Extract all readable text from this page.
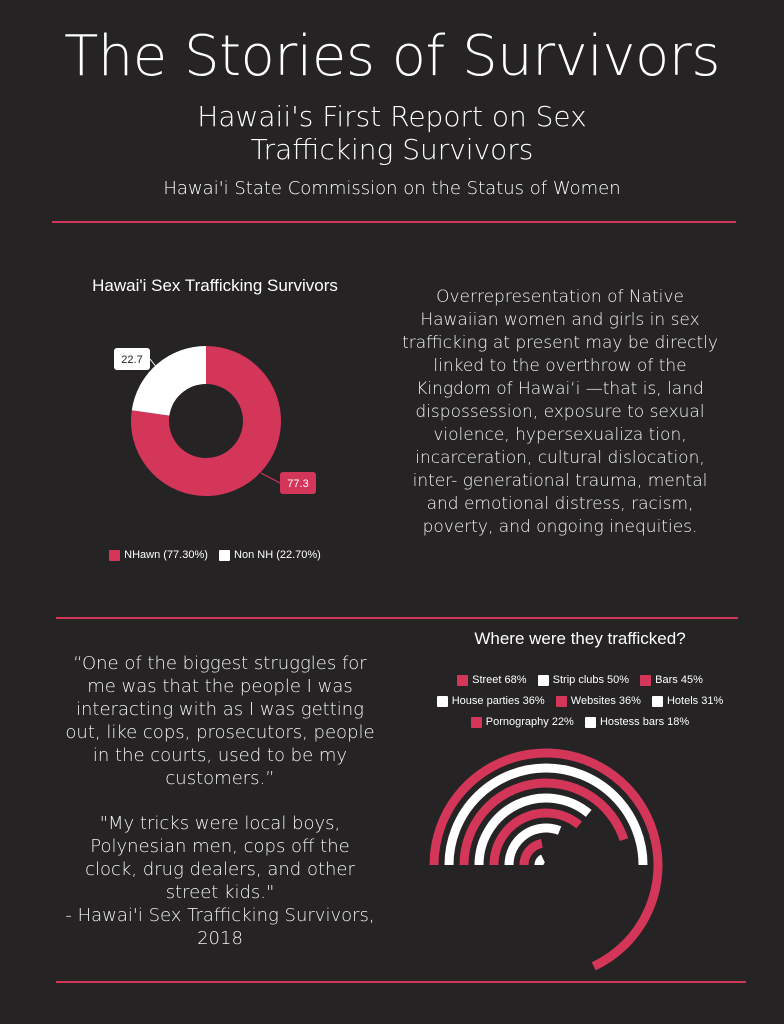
The Stories of Survivors
Hawaii's First Report on Sex Trafficking Survivors
Hawai'i State Commission on the Status of Women
Hawai'i Sex Trafficking Survivors
77.3
22.7
NHawn (77.30%)
Non NH (22.70%)
Overrepresentation of Native Hawaiian women and girls in sex trafficking at present may be directly linked to the overthrow of the Kingdom of Hawaiʻi —that is, land dispossession, exposure to sexual violence, hypersexualiza tion, incarceration, cultural dislocation, inter- generational trauma, mental and emotional distress, racism, poverty, and ongoing inequities.
“One of the biggest struggles for me was that the people I was interacting with as I was getting out, like cops, prosecutors, people in the courts, used to be my customers.”
"My tricks were local boys, Polynesian men, cops off the clock, drug dealers, and other street kids."
- Hawai'i Sex Trafficking Survivors, 2018
Where were they trafficked?
Street 68%
Strip clubs 50%
Bars 45%
House parties 36%
Websites 36%
Hotels 31%
Pornography 22%
Hostess bars 18%
